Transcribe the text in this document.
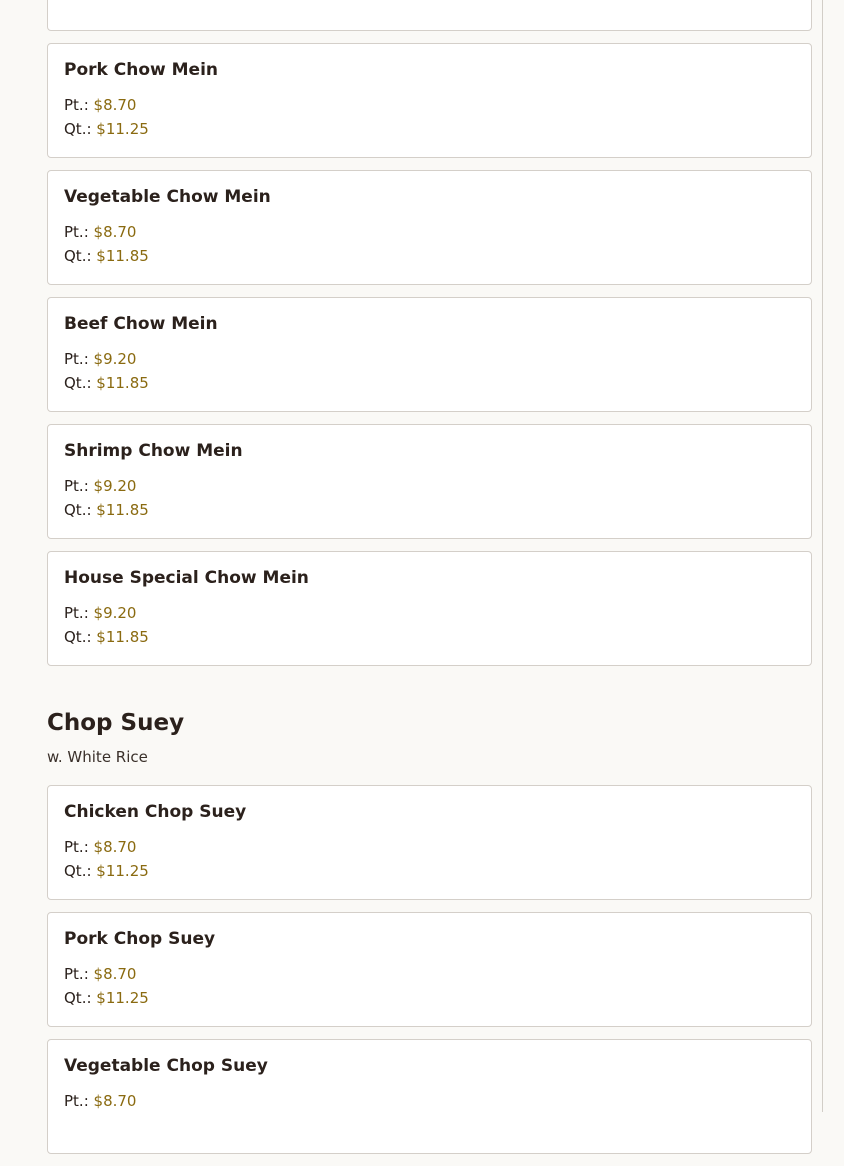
Pork Chow Mein
Pt.: $8.70
Qt.: $11.25
Vegetable Chow Mein
Pt.: $8.70
Qt.: $11.85
Beef Chow Mein
Pt.: $9.20
Qt.: $11.85
Shrimp Chow Mein
Pt.: $9.20
Qt.: $11.85
House Special Chow Mein
Pt.: $9.20
Qt.: $11.85
Chop Suey
w. White Rice
Chicken Chop Suey
Pt.: $8.70
Qt.: $11.25
Pork Chop Suey
Pt.: $8.70
Qt.: $11.25
Vegetable Chop Suey
Pt.: $8.70
